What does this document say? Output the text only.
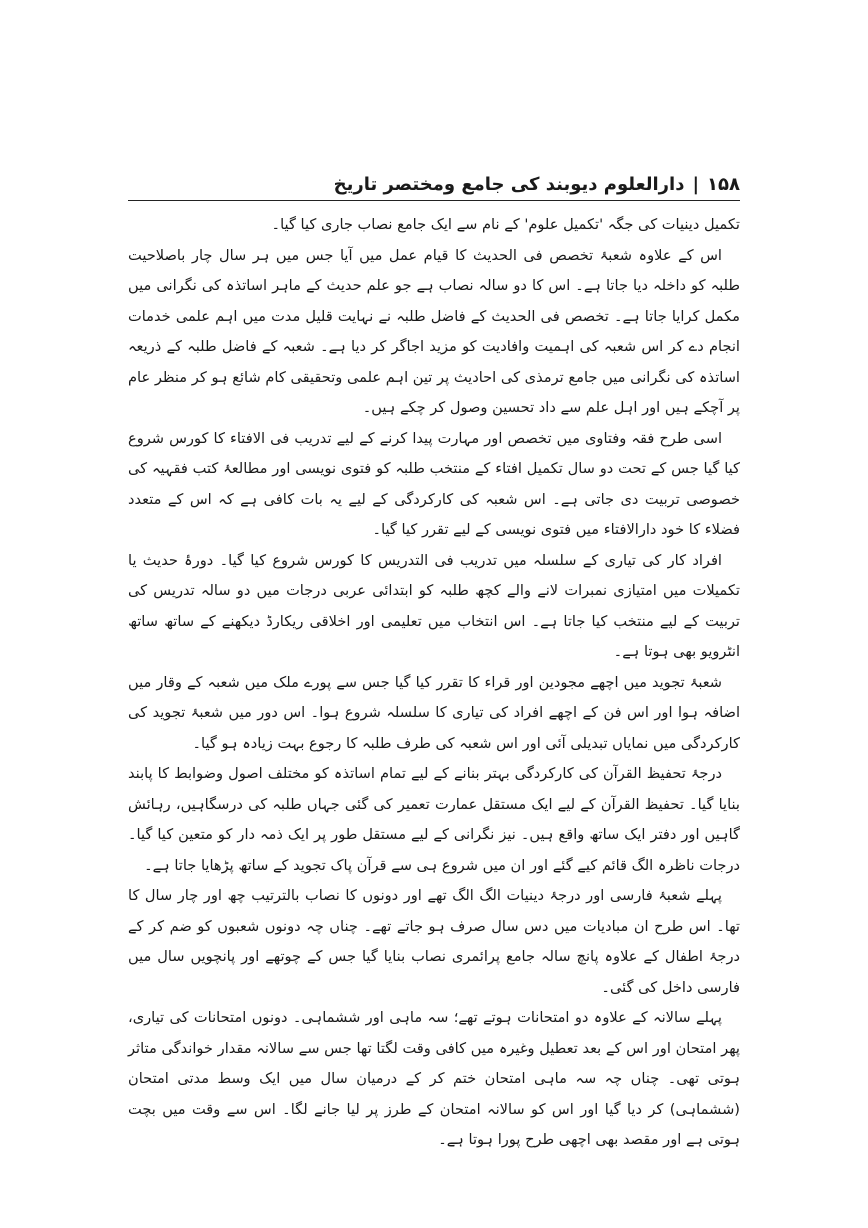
۱۵۸
|
دارالعلوم دیوبند کی جامع ومختصر تاریخ

تکمیل دینیات کی جگہ 'تکمیل علوم' کے نام سے ایک جامع نصاب جاری کیا گیا۔

اس کے علاوہ شعبۂ تخصص فی الحدیث کا قیام عمل میں آیا جس میں ہر سال چار باصلاحیت طلبہ کو داخلہ دیا جاتا ہے۔ اس کا دو سالہ نصاب ہے جو علم حدیث کے ماہر اساتذہ کی نگرانی میں مکمل کرایا جاتا ہے۔ تخصص فی الحدیث کے فاضل طلبہ نے نہایت قلیل مدت میں اہم علمی خدمات انجام دے کر اس شعبہ کی اہمیت وافادیت کو مزید اجاگر کر دیا ہے۔ شعبہ کے فاضل طلبہ کے ذریعہ اساتذہ کی نگرانی میں جامع ترمذی کی احادیث پر تین اہم علمی وتحقیقی کام شائع ہو کر منظر عام پر آچکے ہیں اور اہل علم سے داد تحسین وصول کر چکے ہیں۔

اسی طرح فقہ وفتاوی میں تخصص اور مہارت پیدا کرنے کے لیے تدریب فی الافتاء کا کورس شروع کیا گیا جس کے تحت دو سال تکمیل افتاء کے منتخب طلبہ کو فتوی نویسی اور مطالعۂ کتب فقہیہ کی خصوصی تربیت دی جاتی ہے۔ اس شعبہ کی کارکردگی کے لیے یہ بات کافی ہے کہ اس کے متعدد فضلاء کا خود دارالافتاء میں فتوی نویسی کے لیے تقرر کیا گیا۔

افراد کار کی تیاری کے سلسلہ میں تدریب فی التدریس کا کورس شروع کیا گیا۔ دورۂ حدیث یا تکمیلات میں امتیازی نمبرات لانے والے کچھ طلبہ کو ابتدائی عربی درجات میں دو سالہ تدریس کی تربیت کے لیے منتخب کیا جاتا ہے۔ اس انتخاب میں تعلیمی اور اخلاقی ریکارڈ دیکھنے کے ساتھ ساتھ انٹرویو بھی ہوتا ہے۔

شعبۂ تجوید میں اچھے مجودین اور قراء کا تقرر کیا گیا جس سے پورے ملک میں شعبہ کے وقار میں اضافہ ہوا اور اس فن کے اچھے افراد کی تیاری کا سلسلہ شروع ہوا۔ اس دور میں شعبۂ تجوید کی کارکردگی میں نمایاں تبدیلی آئی اور اس شعبہ کی طرف طلبہ کا رجوع بہت زیادہ ہو گیا۔

درجۂ تحفیظ القرآن کی کارکردگی بہتر بنانے کے لیے تمام اساتذہ کو مختلف اصول وضوابط کا پابند بنایا گیا۔ تحفیظ القرآن کے لیے ایک مستقل عمارت تعمیر کی گئی جہاں طلبہ کی درسگاہیں، رہائش گاہیں اور دفتر ایک ساتھ واقع ہیں۔ نیز نگرانی کے لیے مستقل طور پر ایک ذمہ دار کو متعین کیا گیا۔ درجات ناظرہ الگ قائم کیے گئے اور ان میں شروع ہی سے قرآن پاک تجوید کے ساتھ پڑھایا جاتا ہے۔

پہلے شعبۂ فارسی اور درجۂ دینیات الگ الگ تھے اور دونوں کا نصاب بالترتیب چھ اور چار سال کا تھا۔ اس طرح ان مبادیات میں دس سال صرف ہو جاتے تھے۔ چناں چہ دونوں شعبوں کو ضم کر کے درجۂ اطفال کے علاوہ پانچ سالہ جامع پرائمری نصاب بنایا گیا جس کے چوتھے اور پانچویں سال میں فارسی داخل کی گئی۔

پہلے سالانہ کے علاوہ دو امتحانات ہوتے تھے؛ سہ ماہی اور ششماہی۔ دونوں امتحانات کی تیاری، پھر امتحان اور اس کے بعد تعطیل وغیرہ میں کافی وقت لگتا تھا جس سے سالانہ مقدار خواندگی متاثر ہوتی تھی۔ چناں چہ سہ ماہی امتحان ختم کر کے درمیان سال میں ایک وسط مدتی امتحان (ششماہی) کر دیا گیا اور اس کو سالانہ امتحان کے طرز پر لیا جانے لگا۔ اس سے وقت میں بچت ہوتی ہے اور مقصد بھی اچھی طرح پورا ہوتا ہے۔
